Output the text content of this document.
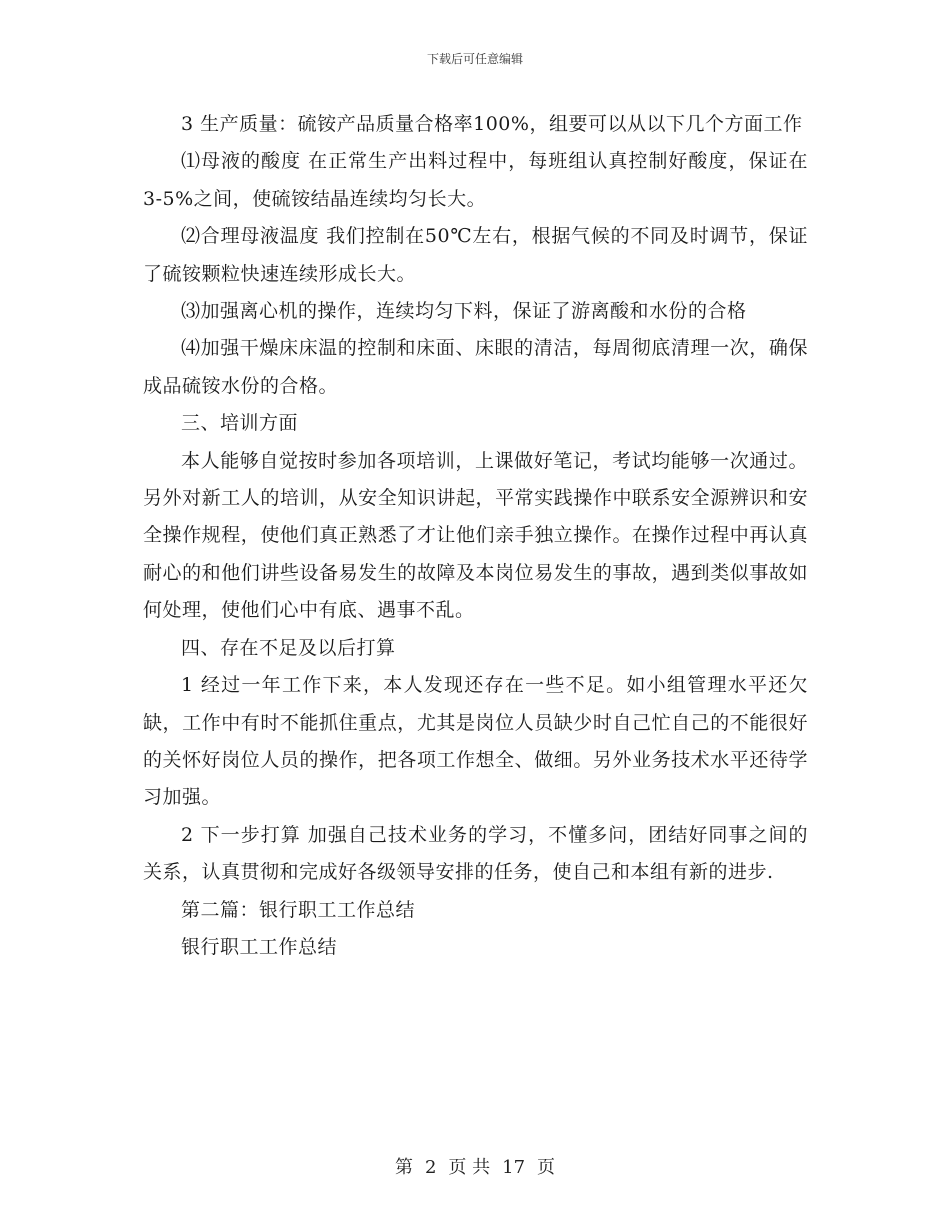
下载后可任意编辑

3 生产质量：硫铵产品质量合格率100%，组要可以从以下几个方面工作

⑴母液的酸度 在正常生产出料过程中，每班组认真控制好酸度，保证在3-5%之间，使硫铵结晶连续均匀长大。

⑵合理母液温度 我们控制在50℃左右，根据气候的不同及时调节，保证了硫铵颗粒快速连续形成长大。

⑶加强离心机的操作，连续均匀下料，保证了游离酸和水份的合格

⑷加强干燥床床温的控制和床面、床眼的清洁，每周彻底清理一次，确保成品硫铵水份的合格。

三、培训方面

本人能够自觉按时参加各项培训，上课做好笔记，考试均能够一次通过。另外对新工人的培训，从安全知识讲起，平常实践操作中联系安全源辨识和安全操作规程，使他们真正熟悉了才让他们亲手独立操作。在操作过程中再认真耐心的和他们讲些设备易发生的故障及本岗位易发生的事故，遇到类似事故如何处理，使他们心中有底、遇事不乱。

四、存在不足及以后打算

1 经过一年工作下来，本人发现还存在一些不足。如小组管理水平还欠缺，工作中有时不能抓住重点，尤其是岗位人员缺少时自己忙自己的不能很好的关怀好岗位人员的操作，把各项工作想全、做细。另外业务技术水平还待学习加强。

2 下一步打算 加强自己技术业务的学习，不懂多问，团结好同事之间的关系，认真贯彻和完成好各级领导安排的任务，使自己和本组有新的进步.

第二篇：银行职工工作总结

银行职工工作总结

第 2 页 共 17 页
